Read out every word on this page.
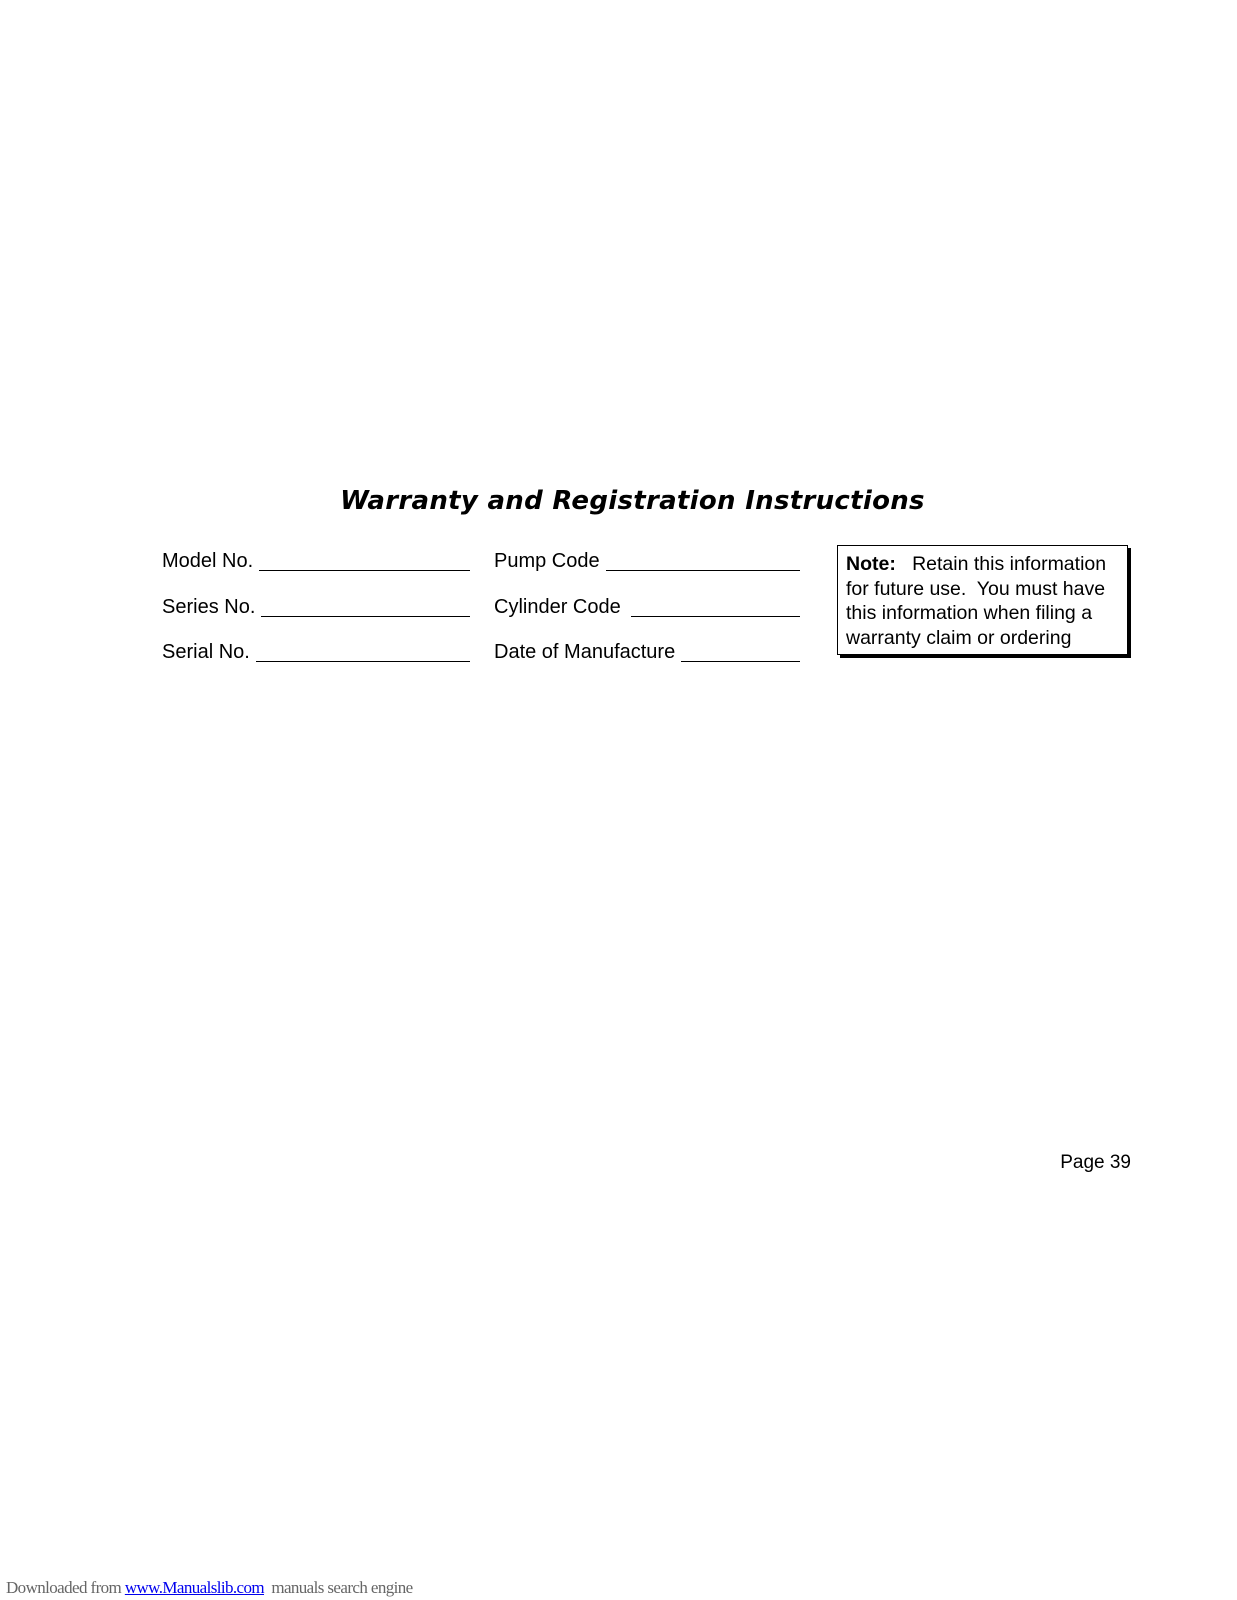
Warranty and Registration Instructions
Model No.
Series No.
Serial No.
Pump Code
Cylinder Code
Date of Manufacture
Note:   Retain this information for future use.  You must have this information when filing a warranty claim or ordering
Page 39
Downloaded from www.Manualslib.com  manuals search engine
